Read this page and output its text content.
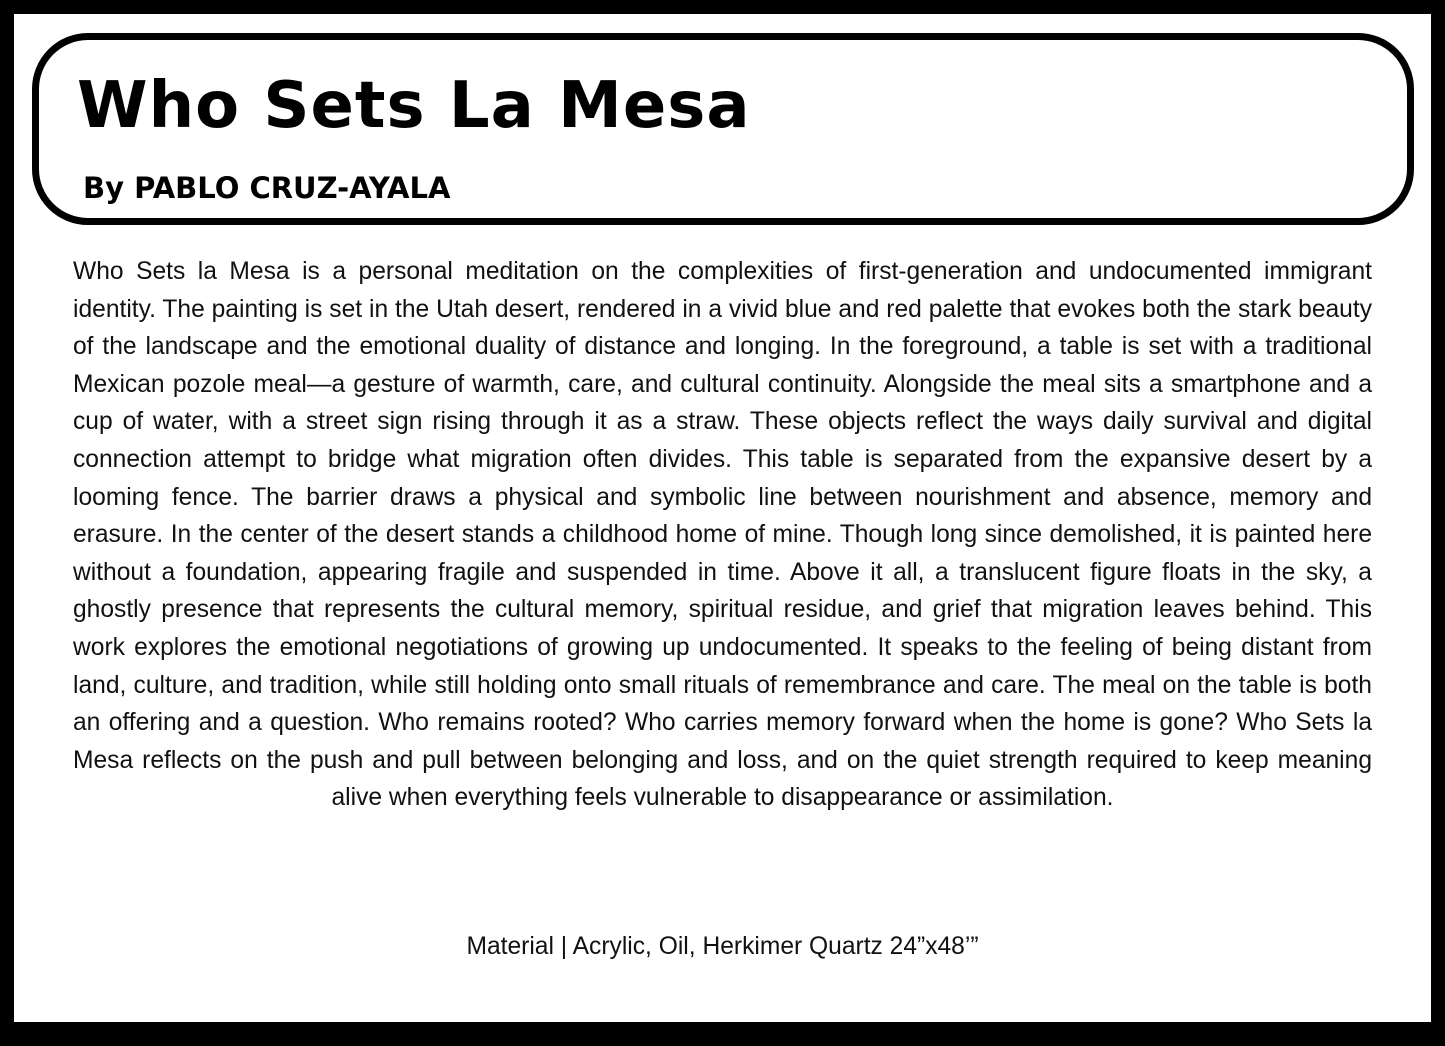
Who Sets La Mesa

By PABLO CRUZ-AYALA

Who Sets la Mesa is a personal meditation on the complexities of first-generation and undocumented immigrant identity. The painting is set in the Utah desert, rendered in a vivid blue and red palette that evokes both the stark beauty of the landscape and the emotional duality of distance and longing. In the foreground, a table is set with a traditional Mexican pozole meal—a gesture of warmth, care, and cultural continuity. Alongside the meal sits a smartphone and a cup of water, with a street sign rising through it as a straw. These objects reflect the ways daily survival and digital connection attempt to bridge what migration often divides. This table is separated from the expansive desert by a looming fence. The barrier draws a physical and symbolic line between nourishment and absence, memory and erasure. In the center of the desert stands a childhood home of mine. Though long since demolished, it is painted here without a foundation, appearing fragile and suspended in time. Above it all, a translucent figure floats in the sky, a ghostly presence that represents the cultural memory, spiritual residue, and grief that migration leaves behind. This work explores the emotional negotiations of growing up undocumented. It speaks to the feeling of being distant from land, culture, and tradition, while still holding onto small rituals of remembrance and care. The meal on the table is both an offering and a question. Who remains rooted? Who carries memory forward when the home is gone? Who Sets la Mesa reflects on the push and pull between belonging and loss, and on the quiet strength required to keep meaning alive when everything feels vulnerable to disappearance or assimilation.

Material | Acrylic, Oil, Herkimer Quartz 24”x48’”
